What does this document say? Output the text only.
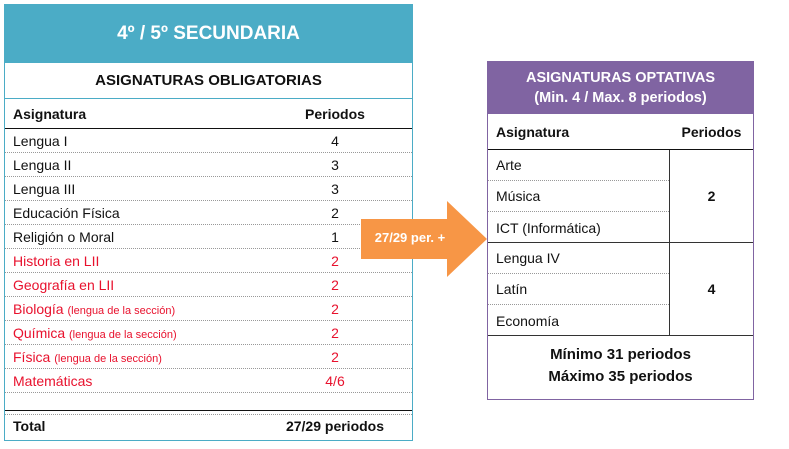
4º / 5º SECUNDARIA
ASIGNATURAS OBLIGATORIAS
Asignatura	Periodos
Lengua I	4
Lengua II	3
Lengua III	3
Educación Física	2
Religión o Moral	1
Historia en LII	2
Geografía en LII	2
Biología (lengua de la sección)	2
Química (lengua de la sección)	2
Física (lengua de la sección)	2
Matemáticas	4/6
Total	27/29 periodos
27/29 per. +
ASIGNATURAS OPTATIVAS
(Min. 4 / Max. 8 periodos)
Asignatura	Periodos
Arte
Música
ICT (Informática)
2
Lengua IV
Latín
Economía
4
Mínimo 31 periodos
Máximo 35 periodos
